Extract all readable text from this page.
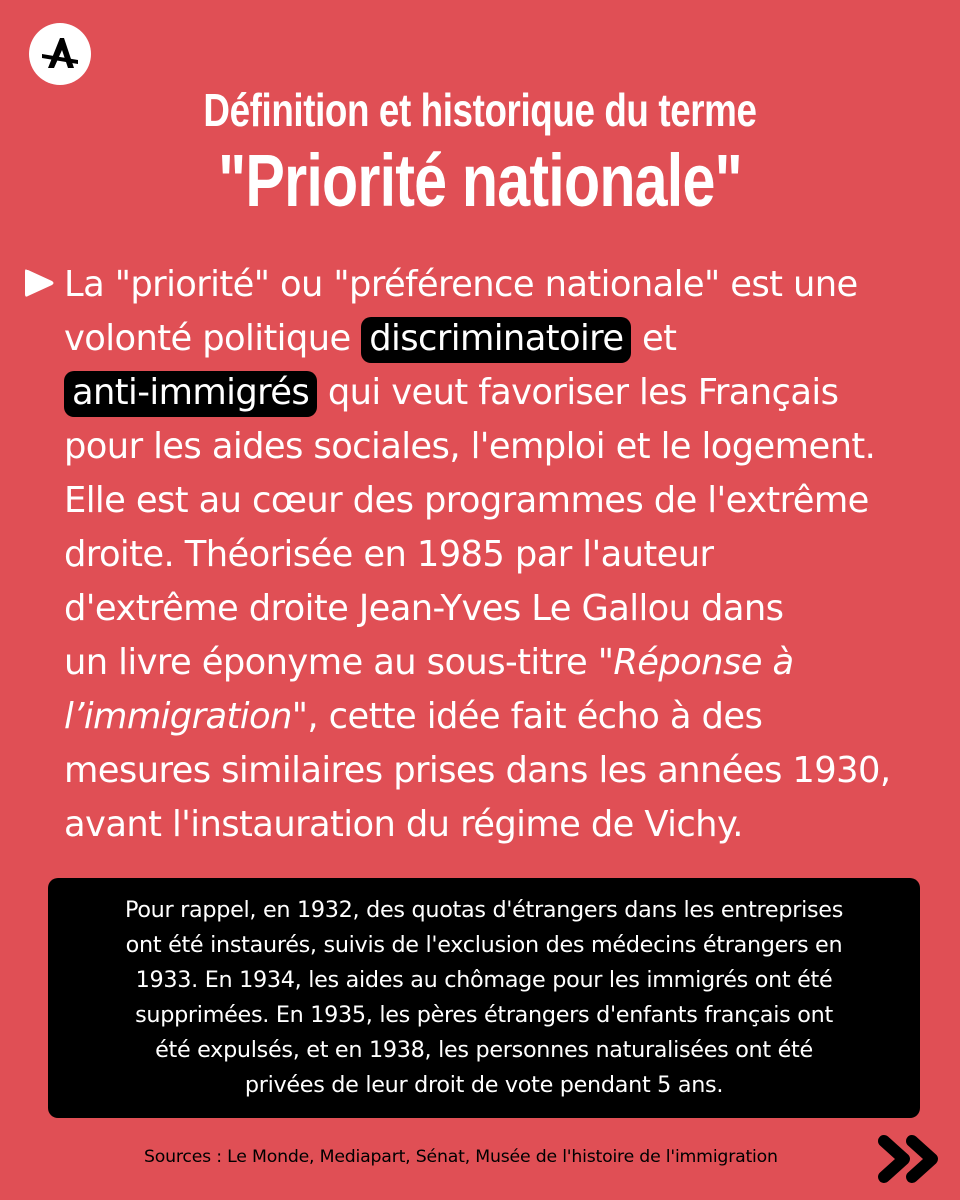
Définition et historique du terme
"Priorité nationale"

La "priorité" ou "préférence nationale" est une

volonté politique discriminatoire et

anti-immigrés qui veut favoriser les Français

pour les aides sociales, l'emploi et le logement.

Elle est au cœur des programmes de l'extrême

droite. Théorisée en 1985 par l'auteur

d'extrême droite Jean-Yves Le Gallou dans

un livre éponyme au sous-titre "Réponse à

l’immigration", cette idée fait écho à des

mesures similaires prises dans les années 1930,

avant l'instauration du régime de Vichy.

Pour rappel, en 1932, des quotas d'étrangers dans les entreprises

ont été instaurés, suivis de l'exclusion des médecins étrangers en

1933. En 1934, les aides au chômage pour les immigrés ont été

supprimées. En 1935, les pères étrangers d'enfants français ont

été expulsés, et en 1938, les personnes naturalisées ont été

privées de leur droit de vote pendant 5 ans.

Sources : Le Monde, Mediapart, Sénat, Musée de l'histoire de l'immigration
